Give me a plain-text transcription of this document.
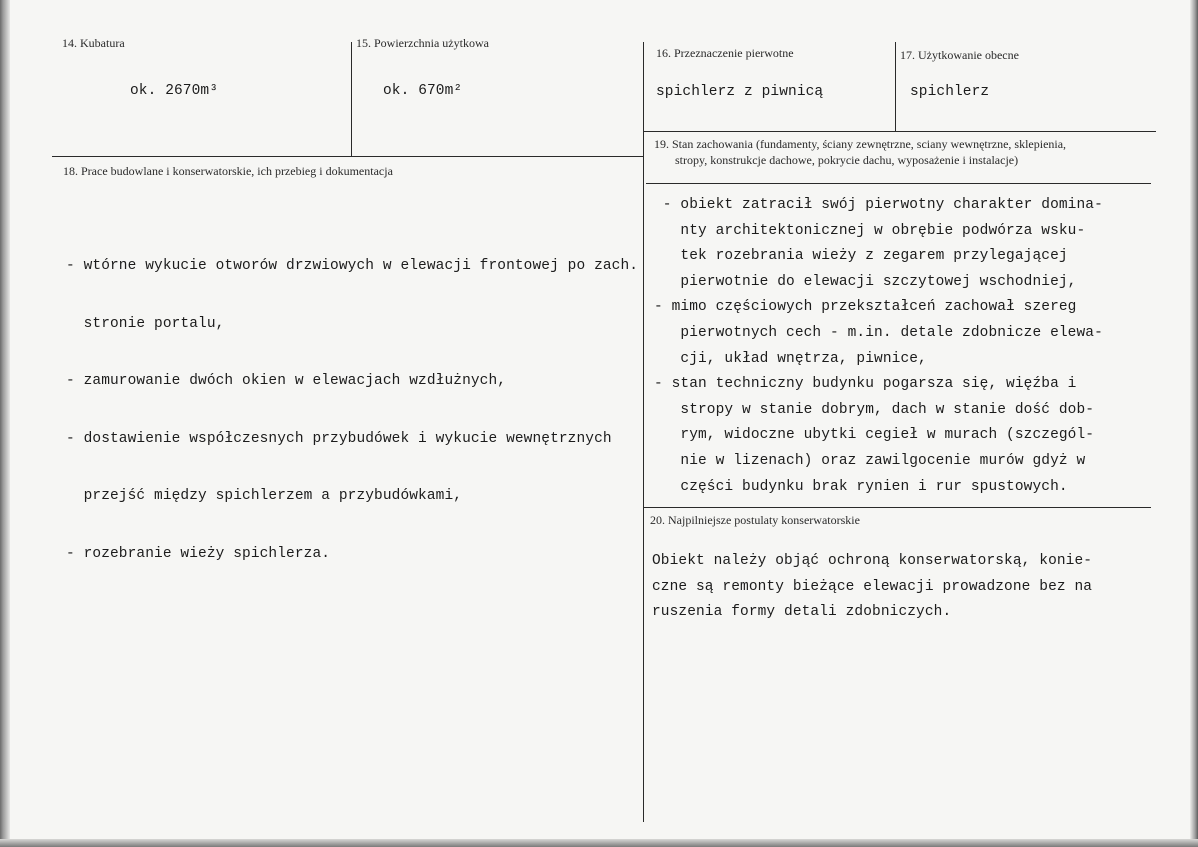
14. Kubatura
ok. 2670m³
15. Powierzchnia użytkowa
ok. 670m²
16. Przeznaczenie pierwotne
spichlerz z piwnicą
17. Użytkowanie obecne
spichlerz
18. Prace budowlane i konserwatorskie, ich przebieg i dokumentacja

- wtórne wykucie otworów drzwiowych w elewacji frontowej po zach.

stronie portalu,

- zamurowanie dwóch okien w elewacjach wzdłużnych,

- dostawienie współczesnych przybudówek i wykucie wewnętrznych

przejść między spichlerzem a przybudówkami,

- rozebranie wieży spichlerza.

19. Stan zachowania (fundamenty, ściany zewnętrzne, sciany wewnętrzne, sklepienia,
stropy, konstrukcje dachowe, pokrycie dachu, wyposażenie i instalacje)
- obiekt zatracił swój pierwotny charakter domina-
nty architektonicznej w obrębie podwórza wsku-
tek rozebrania wieży z zegarem przylegającej
pierwotnie do elewacji szczytowej wschodniej,
- mimo częściowych przekształceń zachował szereg
pierwotnych cech - m.in. detale zdobnicze elewa-
cji, układ wnętrza, piwnice,
- stan techniczny budynku pogarsza się, więźba i
stropy w stanie dobrym, dach w stanie dość dob-
rym, widoczne ubytki cegieł w murach (szczegól-
nie w lizenach) oraz zawilgocenie murów gdyż w
części budynku brak rynien i rur spustowych.
20. Najpilniejsze postulaty konserwatorskie
Obiekt należy objąć ochroną konserwatorską, konie-
czne są remonty bieżące elewacji prowadzone bez na
ruszenia formy detali zdobniczych.
